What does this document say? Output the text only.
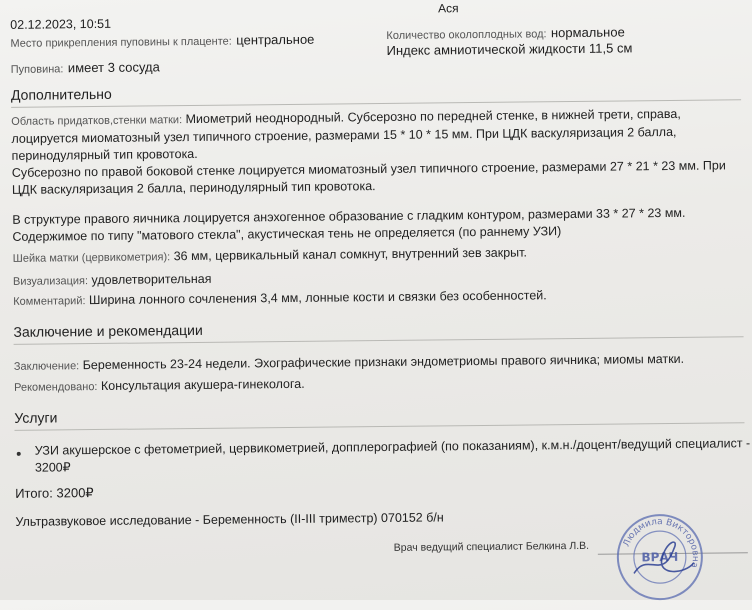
Ася
02.12.2023, 10:51
Место прикрепления пуповины к плаценте: центральное	Количество околоплодных вод: нормальное
Индекс амниотической жидкости 11,5 см
Пуповина: имеет 3 сосуда
Дополнительно
Область придатков,стенки матки: Миометрий неоднородный. Субсерозно по передней стенке, в нижней трети, справа,
лоцируется миоматозный узел типичного строение, размерами 15 * 10 * 15 мм. При ЦДК васкуляризация 2 балла,
перинодулярный тип кровотока.
Субсерозно по правой боковой стенке лоцируется миоматозный узел типичного строение, размерами 27 * 21 * 23 мм. При
ЦДК васкуляризация 2 балла, перинодулярный тип кровотока.
В структуре правого яичника лоцируется анэхогенное образование с гладким контуром, размерами 33 * 27 * 23 мм.
Содержимое по типу "матового стекла", акустическая тень не определяется (по раннему УЗИ)
Шейка матки (цервикометрия): 36 мм, цервикальный канал сомкнут, внутренний зев закрыт.
Визуализация: удовлетворительная
Комментарий: Ширина лонного сочленения 3,4 мм, лонные кости и связки без особенностей.
Заключение и рекомендации
Заключение: Беременность 23-24 недели. Эхографические признаки эндометриомы правого яичника; миомы матки.
Рекомендовано: Консультация акушера-гинеколога.
Услуги
УЗИ акушерское с фетометрией, цервикометрией, допплерографией (по показаниям), к.м.н./доцент/ведущий специалист -
3200₽
Итого: 3200₽
Ультразвуковое исследование - Беременность (II-III триместр) 070152 б/н
Врач ведущий специалист Белкина Л.В.	Людмила Викторовна
ВРАЧ
